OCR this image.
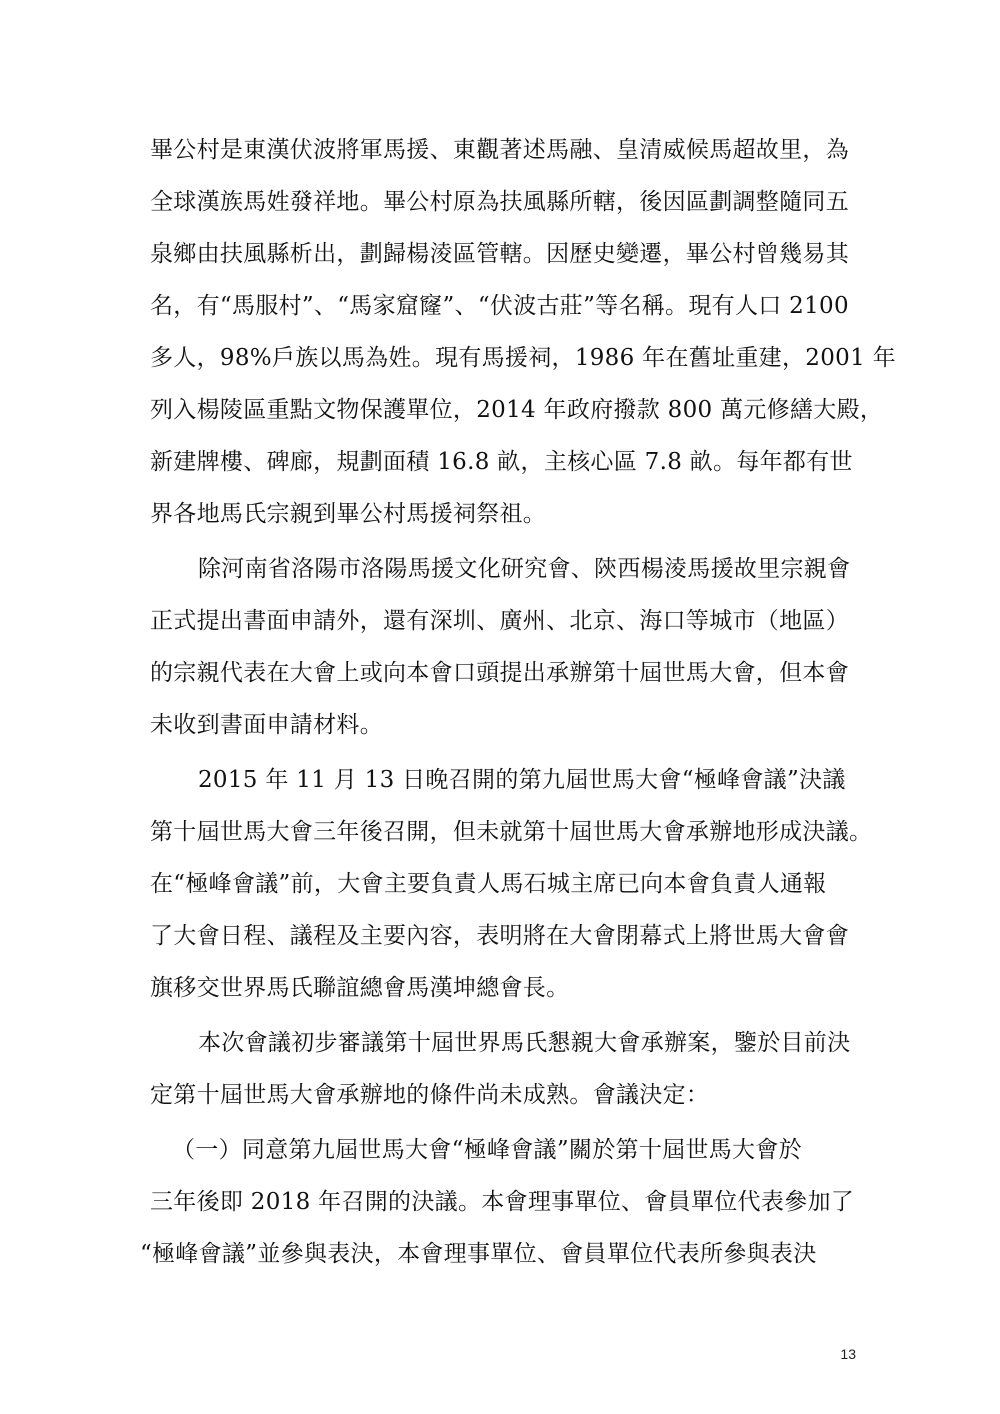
畢公村是東漢伏波將軍馬援、東觀著述馬融、皇清威候馬超故里，為
全球漢族馬姓發祥地。畢公村原為扶風縣所轄，後因區劃調整隨同五
泉鄉由扶風縣析出，劃歸楊淩區管轄。因歷史變遷，畢公村曾幾易其
名，有“馬服村”、“馬家窟窿”、“伏波古莊”等名稱。現有人口 2100
多人，98%戶族以馬為姓。現有馬援祠，1986 年在舊址重建，2001 年
列入楊陵區重點文物保護單位，2014 年政府撥款 800 萬元修繕大殿，
新建牌樓、碑廊，規劃面積 16.8 畝，主核心區 7.8 畝。每年都有世
界各地馬氏宗親到畢公村馬援祠祭祖。
除河南省洛陽市洛陽馬援文化研究會、陝西楊淩馬援故里宗親會
正式提出書面申請外，還有深圳、廣州、北京、海口等城市（地區）
的宗親代表在大會上或向本會口頭提出承辦第十屆世馬大會，但本會
未收到書面申請材料。
2015 年 11 月 13 日晚召開的第九屆世馬大會“極峰會議”決議
第十屆世馬大會三年後召開，但未就第十屆世馬大會承辦地形成決議。
在“極峰會議”前，大會主要負責人馬石城主席已向本會負責人通報
了大會日程、議程及主要內容，表明將在大會閉幕式上將世馬大會會
旗移交世界馬氏聯誼總會馬漢坤總會長。
本次會議初步審議第十屆世界馬氏懇親大會承辦案，鑒於目前決
定第十屆世馬大會承辦地的條件尚未成熟。會議決定：
（一）同意第九屆世馬大會“極峰會議”關於第十屆世馬大會於
三年後即 2018 年召開的決議。本會理事單位、會員單位代表參加了
“極峰會議”並參與表決，本會理事單位、會員單位代表所參與表決
13
